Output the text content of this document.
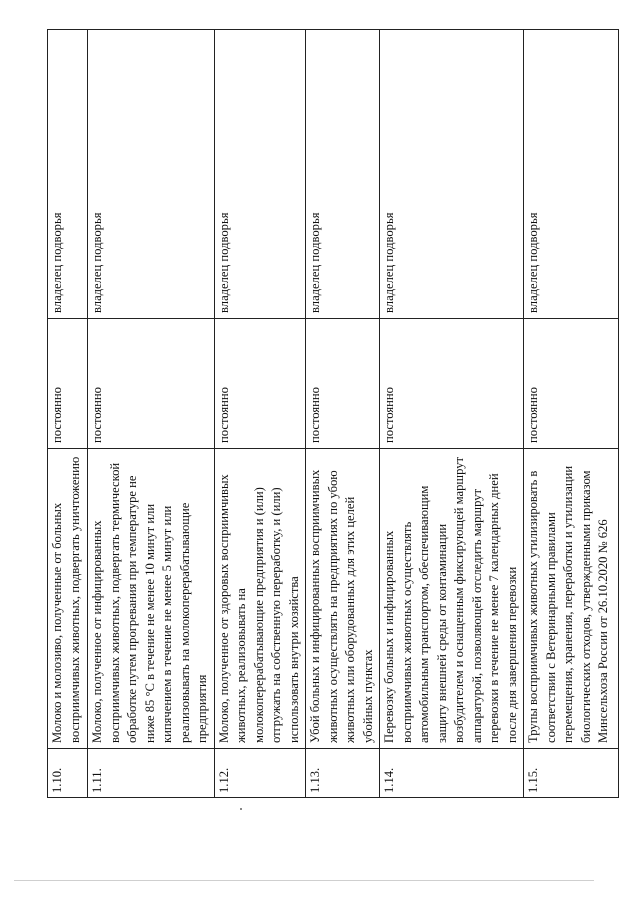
1.10.	Молоко и молозиво, полученные от больных восприимчивых животных, подвергать уничтожению	постоянно	владелец подворья
1.11.	Молоко, полученное от инфицированных восприимчивых животных, подвергать термической обработке путем прогревания при температуре не ниже 85 °С в течение не менее 10 минут или кипячением в течение не менее 5 минут или реализовывать на молокоперерабатывающие предприятия	постоянно	владелец подворья
1.12.	Молоко, полученное от здоровых восприимчивых животных, реализовывать на молокоперерабатывающие предприятия и (или) отгружать на собственную переработку, и (или) использовать внутри хозяйства	постоянно	владелец подворья
1.13.	Убой больных и инфицированных восприимчивых животных осуществлять на предприятиях по убою животных или оборудованных для этих целей убойных пунктах	постоянно	владелец подворья
1.14.	Перевозку больных и инфицированных восприимчивых животных осуществлять автомобильным транспортом, обеспечивающим защиту внешней среды от контаминации возбудителем и оснащенным фиксирующей маршрут аппаратурой, позволяющей отследить маршрут перевозки в течение не менее 7 календарных дней после дня завершения перевозки	постоянно	владелец подворья
1.15.	Трупы восприимчивых животных утилизировать в соответствии с Ветеринарными правилами перемещения, хранения, переработки и утилизации биологических отходов, утвержденными приказом Минсельхоза России от 26.10.2020 № 626	постоянно	владелец подворья
